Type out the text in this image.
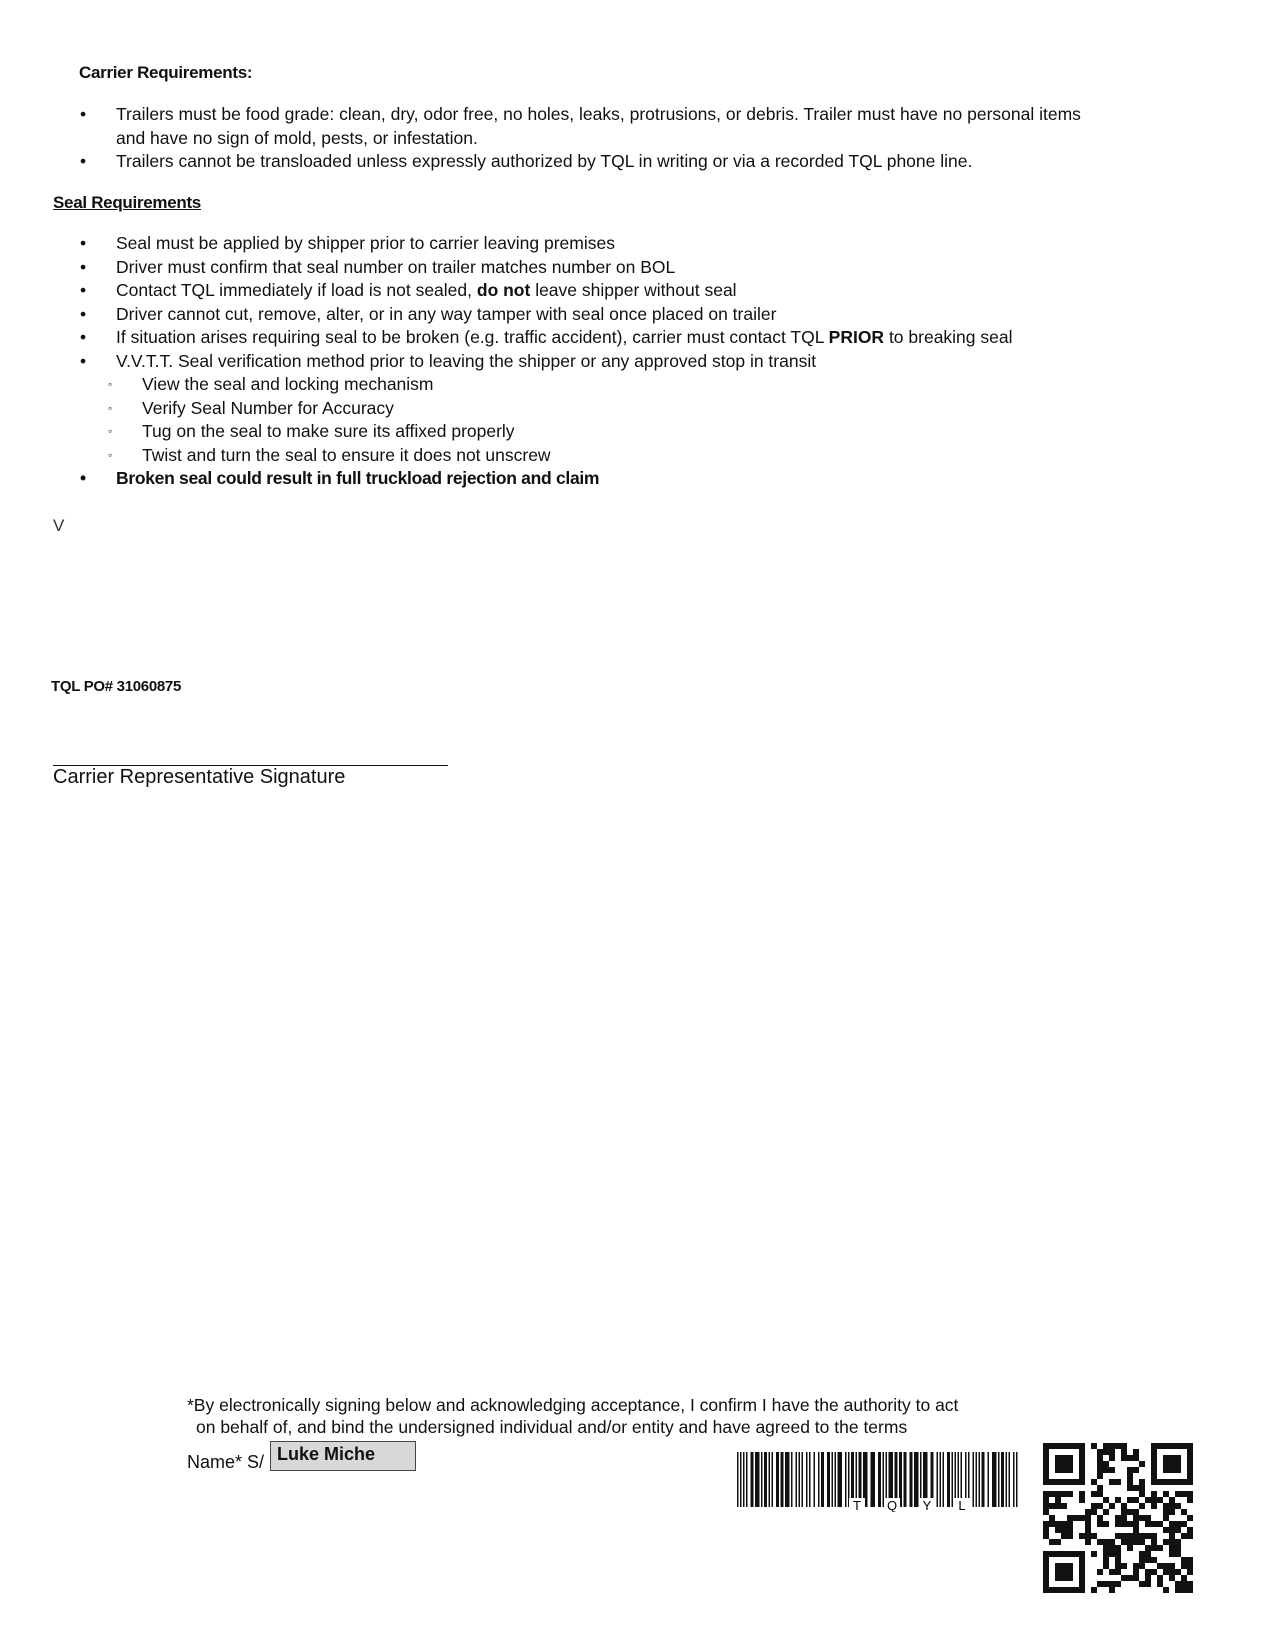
Carrier Requirements:
• Trailers must be food grade: clean, dry, odor free, no holes, leaks, protrusions, or debris. Trailer must have no personal items
and have no sign of mold, pests, or infestation.
• Trailers cannot be transloaded unless expressly authorized by TQL in writing or via a recorded TQL phone line.
Seal Requirements
• Seal must be applied by shipper prior to carrier leaving premises
• Driver must confirm that seal number on trailer matches number on BOL
• Contact TQL immediately if load is not sealed, do not leave shipper without seal
• Driver cannot cut, remove, alter, or in any way tamper with seal once placed on trailer
• If situation arises requiring seal to be broken (e.g. traffic accident), carrier must contact TQL PRIOR to breaking seal
• V.V.T.T. Seal verification method prior to leaving the shipper or any approved stop in transit
◦ View the seal and locking mechanism
◦ Verify Seal Number for Accuracy
◦ Tug on the seal to make sure its affixed properly
◦ Twist and turn the seal to ensure it does not unscrew
• Broken seal could result in full truckload rejection and claim
V
TQL PO# 31060875
Carrier Representative Signature
*By electronically signing below and acknowledging acceptance, I confirm I have the authority to act
on behalf of, and bind the undersigned individual and/or entity and have agreed to the terms
Name* S/ Luke Miche
T Q Y L
